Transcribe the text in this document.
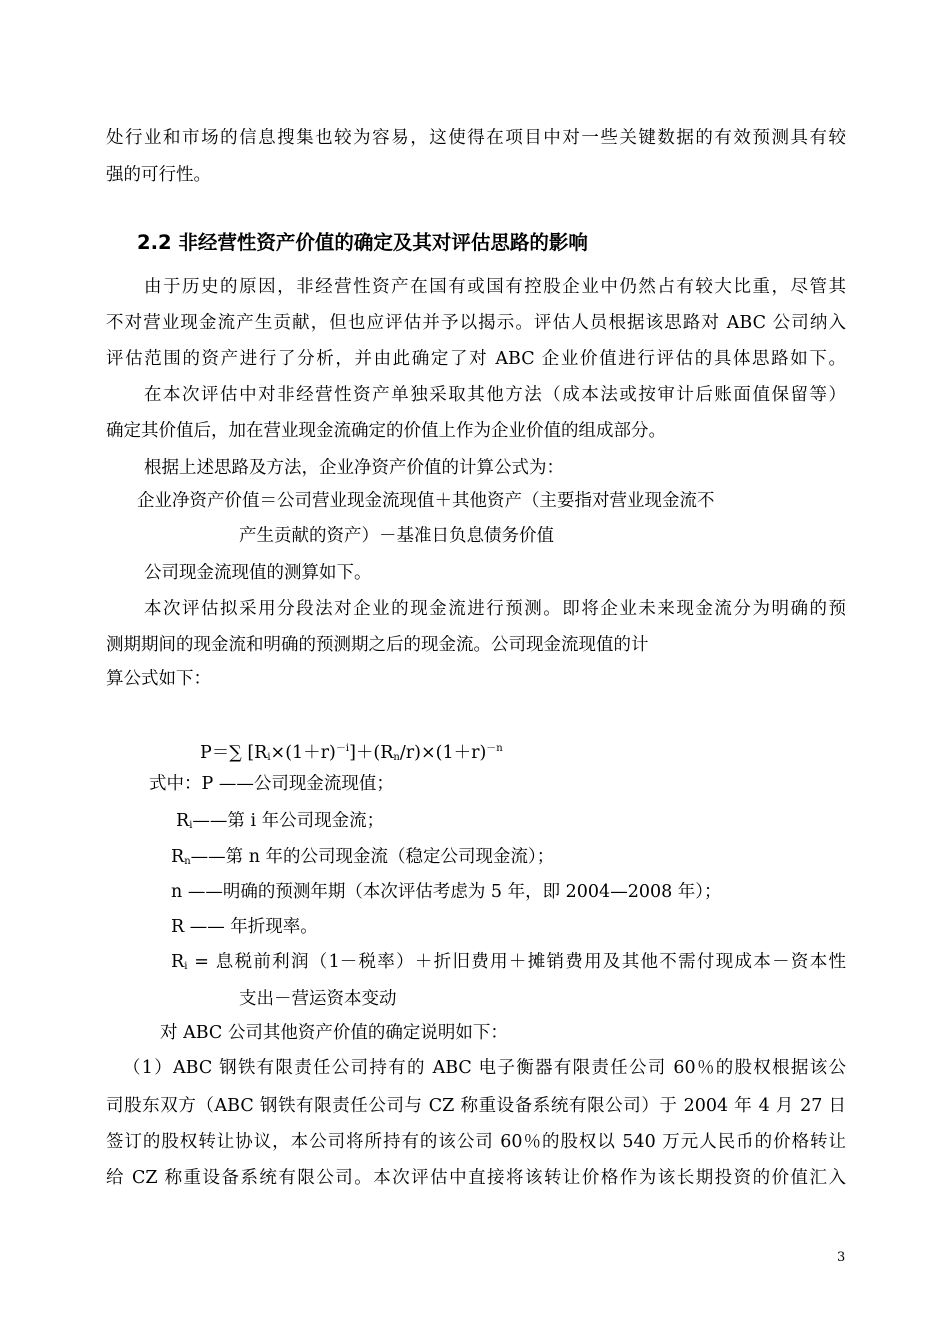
处行业和市场的信息搜集也较为容易，这使得在项目中对一些关键数据的有效预测具有较
强的可行性。
2.2 非经营性资产价值的确定及其对评估思路的影响
由于历史的原因，非经营性资产在国有或国有控股企业中仍然占有较大比重，尽管其
不对营业现金流产生贡献，但也应评估并予以揭示。评估人员根据该思路对 ABC 公司纳入
评估范围的资产进行了分析，并由此确定了对 ABC 企业价值进行评估的具体思路如下。
在本次评估中对非经营性资产单独采取其他方法（成本法或按审计后账面值保留等）
确定其价值后，加在营业现金流确定的价值上作为企业价值的组成部分。
根据上述思路及方法，企业净资产价值的计算公式为：
企业净资产价值＝公司营业现金流现值＋其他资产（主要指对营业现金流不
产生贡献的资产）－基准日负息债务价值
公司现金流现值的测算如下。
本次评估拟采用分段法对企业的现金流进行预测。即将企业未来现金流分为明确的预
测期期间的现金流和明确的预测期之后的现金流。公司现金流现值的计
算公式如下：
P＝∑ $[R_i\times(1+r)^{-i}]+(R_n/r)\times(1+r)^{-n}$
式中：P ——公司现金流现值；
$R_i——$第 i 年公司现金流；
$R_n——$第 n 年的公司现金流（稳定公司现金流）；
n ——明确的预测年期（本次评估考虑为 5 年，即 2004—2008 年）；
R —— 年折现率。
$R_i$ = 息税前利润（1－税率）＋折旧费用＋摊销费用及其他不需付现成本－资本性
支出－营运资本变动
对 ABC 公司其他资产价值的确定说明如下：
（1）ABC 钢铁有限责任公司持有的 ABC 电子衡器有限责任公司 60％的股权根据该公
司股东双方（ABC 钢铁有限责任公司与 CZ 称重设备系统有限公司）于 2004 年 4 月 27 日
签订的股权转让协议，本公司将所持有的该公司 60％的股权以 540 万元人民币的价格转让
给 CZ 称重设备系统有限公司。本次评估中直接将该转让价格作为该长期投资的价值汇入
3
